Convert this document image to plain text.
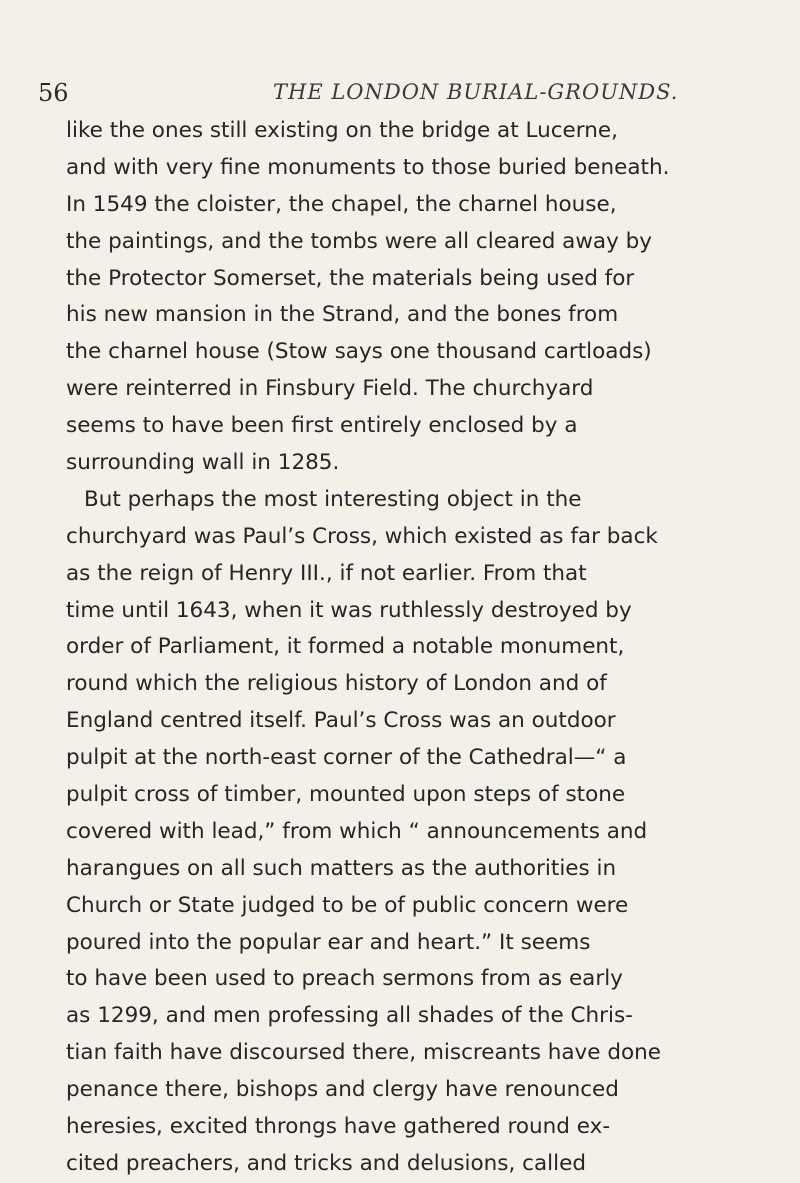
56	THE LONDON BURIAL-GROUNDS.
like the ones still existing on the bridge at Lucerne,
and with very fine monuments to those buried beneath.
In 1549 the cloister, the chapel, the charnel house,
the paintings, and the tombs were all cleared away by
the Protector Somerset, the materials being used for
his new mansion in the Strand, and the bones from
the charnel house (Stow says one thousand cartloads)
were reinterred in Finsbury Field. The churchyard
seems to have been first entirely enclosed by a
surrounding wall in 1285.
But perhaps the most interesting object in the
churchyard was Paul’s Cross, which existed as far back
as the reign of Henry III., if not earlier. From that
time until 1643, when it was ruthlessly destroyed by
order of Parliament, it formed a notable monument,
round which the religious history of London and of
England centred itself. Paul’s Cross was an outdoor
pulpit at the north-east corner of the Cathedral—“ a
pulpit cross of timber, mounted upon steps of stone
covered with lead,” from which “ announcements and
harangues on all such matters as the authorities in
Church or State judged to be of public concern were
poured into the popular ear and heart.” It seems
to have been used to preach sermons from as early
as 1299, and men professing all shades of the Chris-
tian faith have discoursed there, miscreants have done
penance there, bishops and clergy have renounced
heresies, excited throngs have gathered round ex-
cited preachers, and tricks and delusions, called
